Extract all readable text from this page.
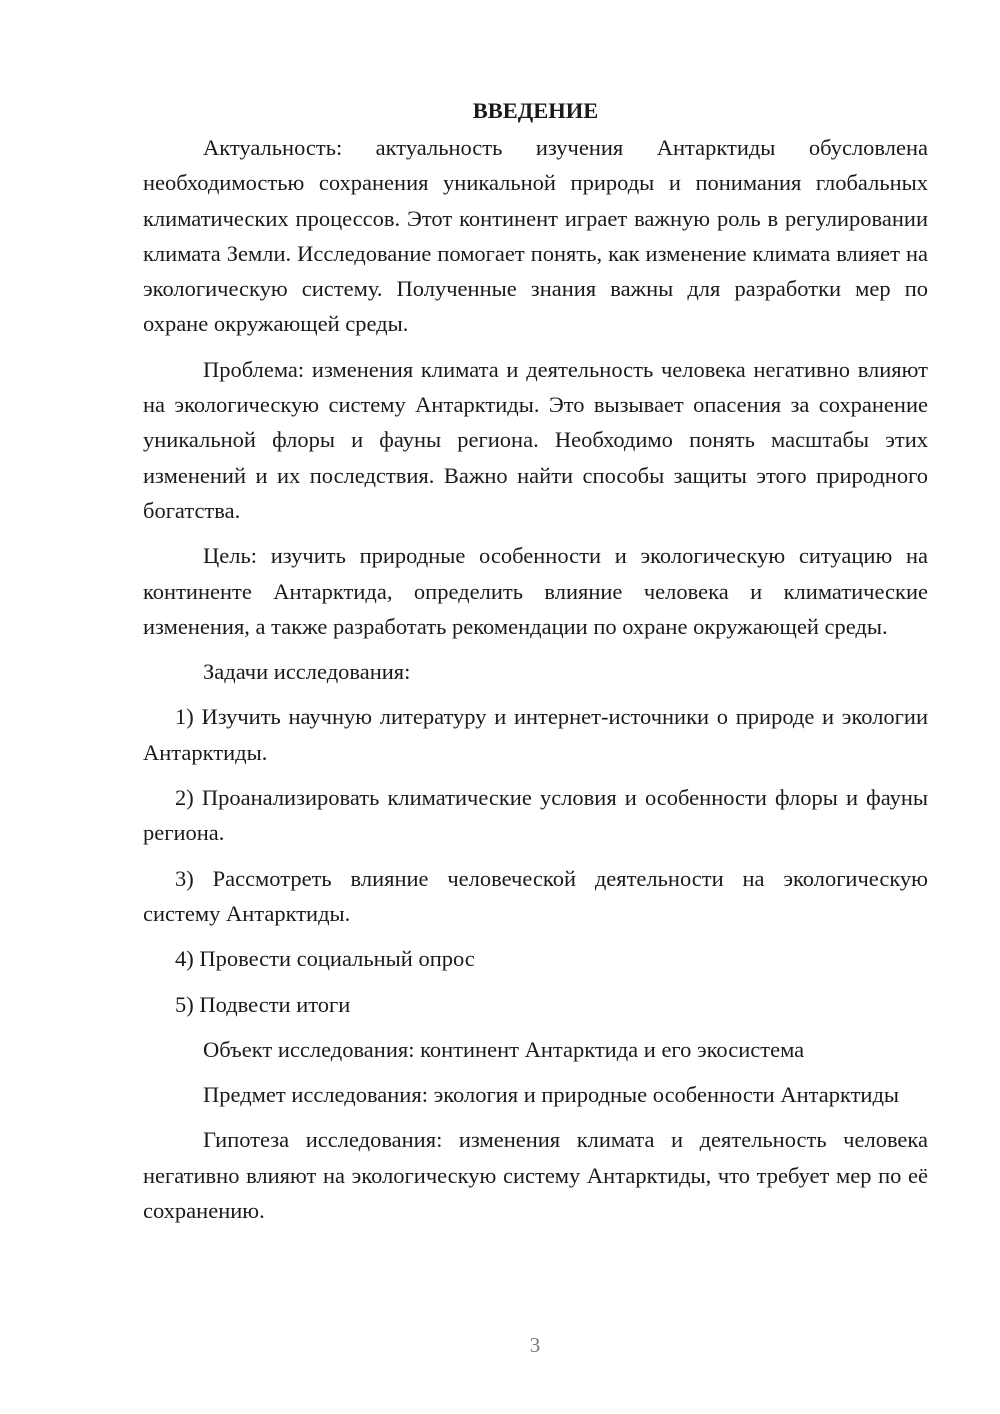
ВВЕДЕНИЕ

Актуальность: актуальность изучения Антарктиды обусловлена необходимостью сохранения уникальной природы и понимания глобальных климатических процессов. Этот континент играет важную роль в регулировании климата Земли. Исследование помогает понять, как изменение климата влияет на экологическую систему. Полученные знания важны для разработки мер по охране окружающей среды.

Проблема: изменения климата и деятельность человека негативно влияют на экологическую систему Антарктиды. Это вызывает опасения за сохранение уникальной флоры и фауны региона. Необходимо понять масштабы этих изменений и их последствия. Важно найти способы защиты этого природного богатства.

Цель: изучить природные особенности и экологическую ситуацию на континенте Антарктида, определить влияние человека и климатические изменения, а также разработать рекомендации по охране окружающей среды.

Задачи исследования:

1) Изучить научную литературу и интернет-источники о природе и экологии Антарктиды.

2) Проанализировать климатические условия и особенности флоры и фауны региона.

3) Рассмотреть влияние человеческой деятельности на экологическую систему Антарктиды.

4) Провести социальный опрос

5) Подвести итоги

Объект исследования: континент Антарктида и его экосистема

Предмет исследования: экология и природные особенности Антарктиды

Гипотеза исследования: изменения климата и деятельность человека негативно влияют на экологическую систему Антарктиды, что требует мер по её сохранению.

3
